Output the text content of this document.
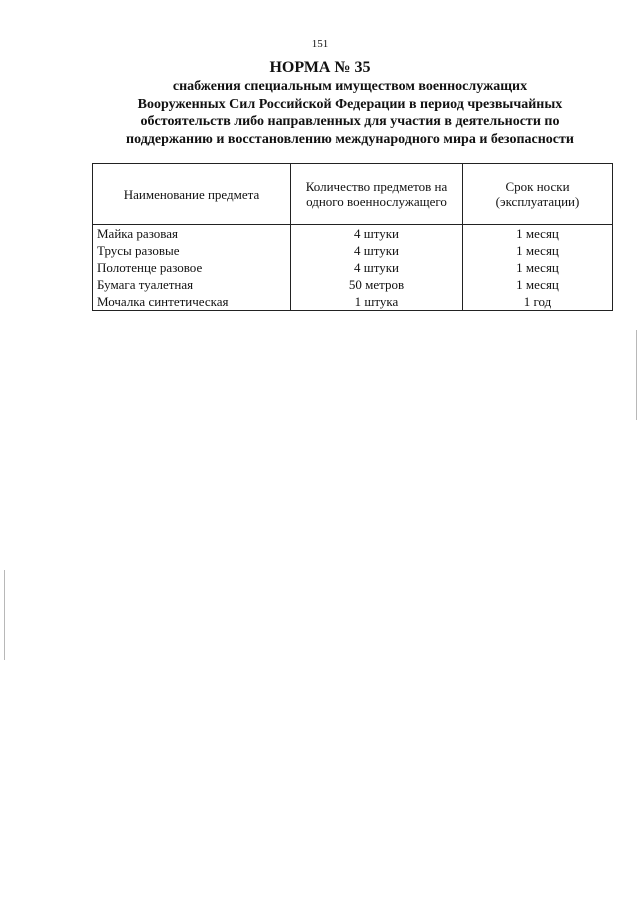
151
НОРМА № 35
снабжения специальным имуществом военнослужащих
Вооруженных Сил Российской Федерации в период чрезвычайных
обстоятельств либо направленных для участия в деятельности по
поддержанию и восстановлению международного мира и безопасности
Наименование предмета	Количество предметов на одного военнослужащего	Срок носки (эксплуатации)
Майка разовая	4 штуки	1 месяц
Трусы разовые	4 штуки	1 месяц
Полотенце разовое	4 штуки	1 месяц
Бумага туалетная	50 метров	1 месяц
Мочалка синтетическая	1 штука	1 год
